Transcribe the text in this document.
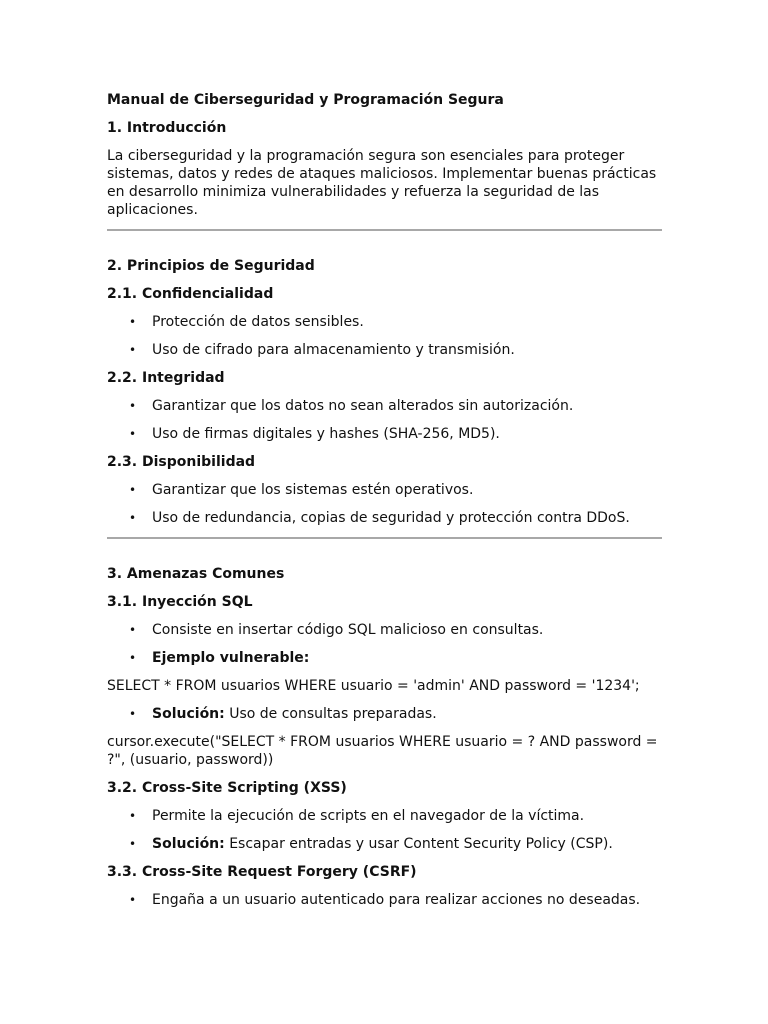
Manual de Ciberseguridad y Programación Segura
1. Introducción

La ciberseguridad y la programación segura son esenciales para proteger sistemas, datos y redes de ataques maliciosos. Implementar buenas prácticas en desarrollo minimiza vulnerabilidades y refuerza la seguridad de las aplicaciones.

2. Principios de Seguridad
2.1. Confidencialidad
• Protección de datos sensibles.
• Uso de cifrado para almacenamiento y transmisión.
2.2. Integridad
• Garantizar que los datos no sean alterados sin autorización.
• Uso de firmas digitales y hashes (SHA-256, MD5).
2.3. Disponibilidad
• Garantizar que los sistemas estén operativos.
• Uso de redundancia, copias de seguridad y protección contra DDoS.
3. Amenazas Comunes
3.1. Inyección SQL
• Consiste en insertar código SQL malicioso en consultas.
• Ejemplo vulnerable:
SELECT * FROM usuarios WHERE usuario = 'admin' AND password = '1234';
• Solución: Uso de consultas preparadas.
cursor.execute("SELECT * FROM usuarios WHERE usuario = ? AND password = ?", (usuario, password))
3.2. Cross-Site Scripting (XSS)
• Permite la ejecución de scripts en el navegador de la víctima.
• Solución: Escapar entradas y usar Content Security Policy (CSP).
3.3. Cross-Site Request Forgery (CSRF)
• Engaña a un usuario autenticado para realizar acciones no deseadas.
